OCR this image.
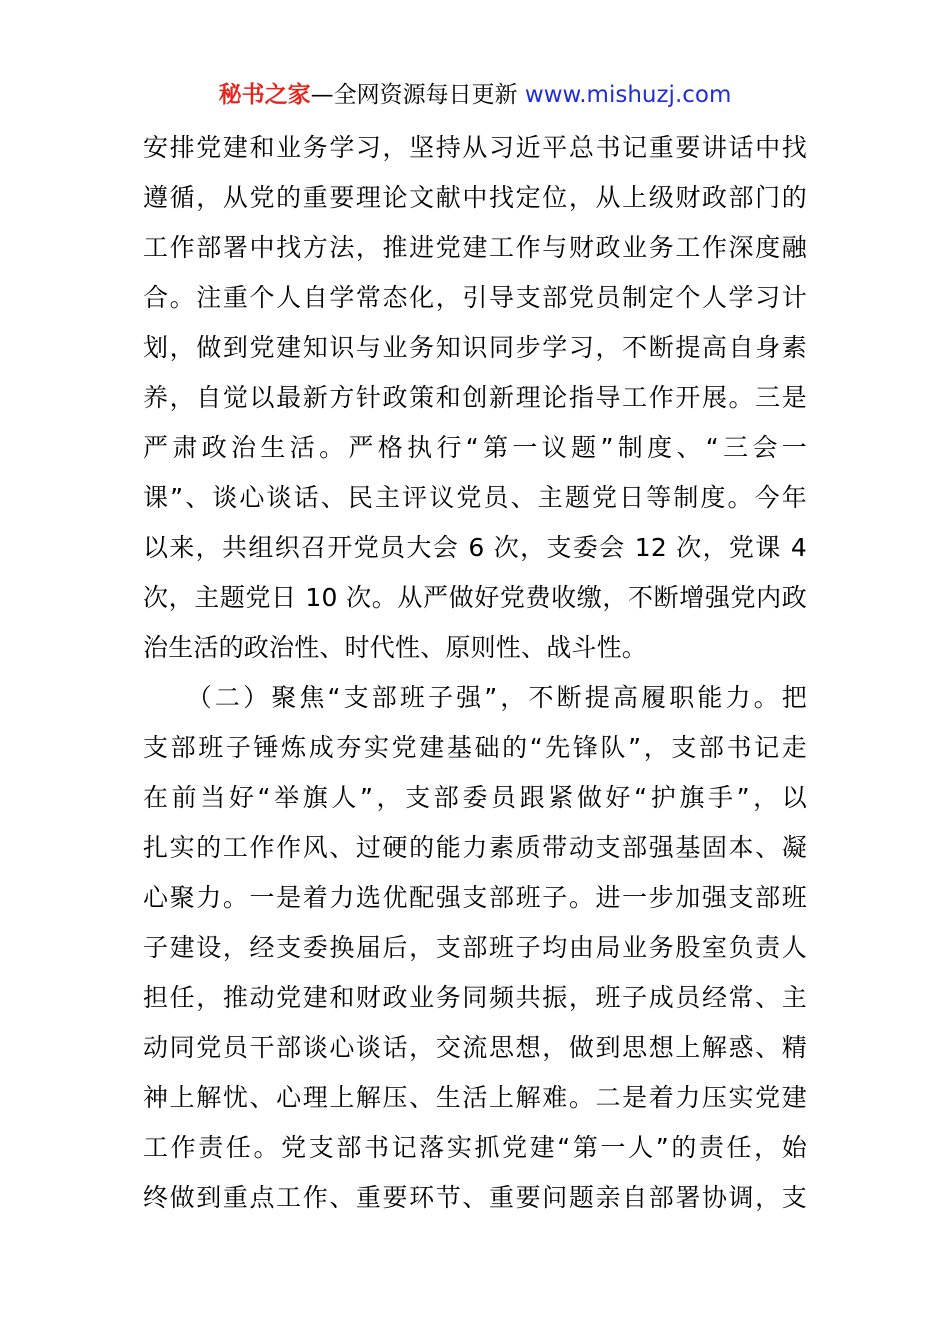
秘书之家—全网资源每日更新 www.mishuzj.com
安排党建和业务学习，坚持从习近平总书记重要讲话中找
遵循，从党的重要理论文献中找定位，从上级财政部门的
工作部署中找方法，推进党建工作与财政业务工作深度融
合。注重个人自学常态化，引导支部党员制定个人学习计
划，做到党建知识与业务知识同步学习，不断提高自身素
养，自觉以最新方针政策和创新理论指导工作开展。三是
严肃政治生活。严格执行“第一议题”制度、“三会一
课”、谈心谈话、民主评议党员、主题党日等制度。今年
以来，共组织召开党员大会 6 次，支委会 12 次，党课 4
次，主题党日 10 次。从严做好党费收缴，不断增强党内政
治生活的政治性、时代性、原则性、战斗性。
　　（二）聚焦“支部班子强”，不断提高履职能力。把
支部班子锤炼成夯实党建基础的“先锋队”，支部书记走
在前当好“举旗人”，支部委员跟紧做好“护旗手”，以
扎实的工作作风、过硬的能力素质带动支部强基固本、凝
心聚力。一是着力选优配强支部班子。进一步加强支部班
子建设，经支委换届后，支部班子均由局业务股室负责人
担任，推动党建和财政业务同频共振，班子成员经常、主
动同党员干部谈心谈话，交流思想，做到思想上解惑、精
神上解忧、心理上解压、生活上解难。二是着力压实党建
工作责任。党支部书记落实抓党建“第一人”的责任，始
终做到重点工作、重要环节、重要问题亲自部署协调，支
